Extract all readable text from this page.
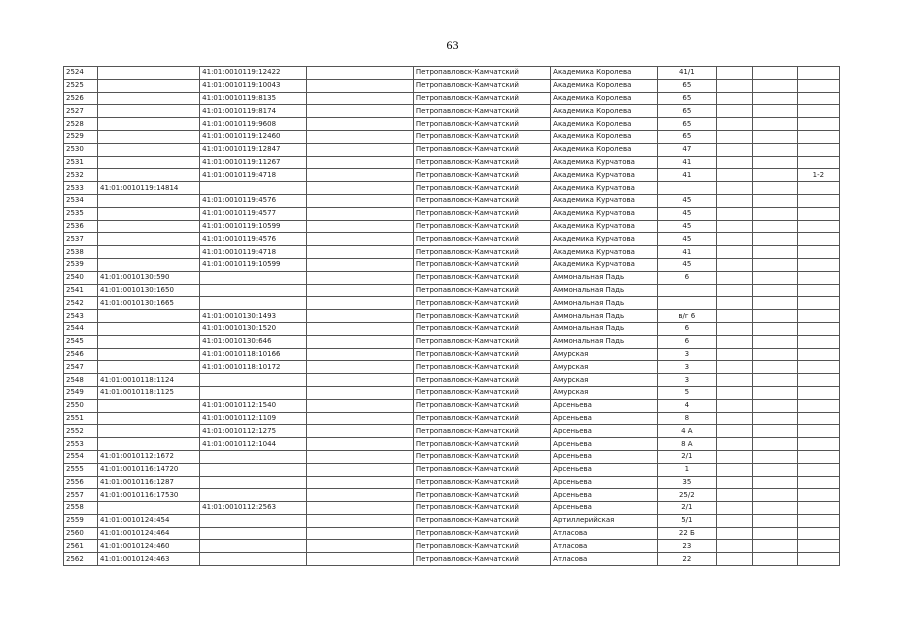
63
2524		41:01:0010119:12422		Петропавловск-Камчатский	Академика Королева	41/1			
2525		41:01:0010119:10043		Петропавловск-Камчатский	Академика Королева	65			
2526		41:01:0010119:8135		Петропавловск-Камчатский	Академика Королева	65			
2527		41:01:0010119:8174		Петропавловск-Камчатский	Академика Королева	65			
2528		41:01:0010119:9608		Петропавловск-Камчатский	Академика Королева	65			
2529		41:01:0010119:12460		Петропавловск-Камчатский	Академика Королева	65			
2530		41:01:0010119:12847		Петропавловск-Камчатский	Академика Королева	47			
2531		41:01:0010119:11267		Петропавловск-Камчатский	Академика Курчатова	41			
2532		41:01:0010119:4718		Петропавловск-Камчатский	Академика Курчатова	41			1-2
2533	41:01:0010119:14814			Петропавловск-Камчатский	Академика Курчатова				
2534		41:01:0010119:4576		Петропавловск-Камчатский	Академика Курчатова	45			
2535		41:01:0010119:4577		Петропавловск-Камчатский	Академика Курчатова	45			
2536		41:01:0010119:10599		Петропавловск-Камчатский	Академика Курчатова	45			
2537		41:01:0010119:4576		Петропавловск-Камчатский	Академика Курчатова	45			
2538		41:01:0010119:4718		Петропавловск-Камчатский	Академика Курчатова	41			
2539		41:01:0010119:10599		Петропавловск-Камчатский	Академика Курчатова	45			
2540	41:01:0010130:590			Петропавловск-Камчатский	Аммональная Падь	6			
2541	41:01:0010130:1650			Петропавловск-Камчатский	Аммональная Падь				
2542	41:01:0010130:1665			Петропавловск-Камчатский	Аммональная Падь				
2543		41:01:0010130:1493		Петропавловск-Камчатский	Аммональная Падь	в/г 6			
2544		41:01:0010130:1520		Петропавловск-Камчатский	Аммональная Падь	6			
2545		41:01:0010130:646		Петропавловск-Камчатский	Аммональная Падь	6			
2546		41:01:0010118:10166		Петропавловск-Камчатский	Амурская	3			
2547		41:01:0010118:10172		Петропавловск-Камчатский	Амурская	3			
2548	41:01:0010118:1124			Петропавловск-Камчатский	Амурская	3			
2549	41:01:0010118:1125			Петропавловск-Камчатский	Амурская	5			
2550		41:01:0010112:1540		Петропавловск-Камчатский	Арсеньева	4			
2551		41:01:0010112:1109		Петропавловск-Камчатский	Арсеньева	8			
2552		41:01:0010112:1275		Петропавловск-Камчатский	Арсеньева	4 А			
2553		41:01:0010112:1044		Петропавловск-Камчатский	Арсеньева	8 А			
2554	41:01:0010112:1672			Петропавловск-Камчатский	Арсеньева	2/1			
2555	41:01:0010116:14720			Петропавловск-Камчатский	Арсеньева	1			
2556	41:01:0010116:1287			Петропавловск-Камчатский	Арсеньева	35			
2557	41:01:0010116:17530			Петропавловск-Камчатский	Арсеньева	25/2			
2558		41:01:0010112:2563		Петропавловск-Камчатский	Арсеньева	2/1			
2559	41:01:0010124:454			Петропавловск-Камчатский	Артиллерийская	5/1			
2560	41:01:0010124:464			Петропавловск-Камчатский	Атласова	22 Б			
2561	41:01:0010124:460			Петропавловск-Камчатский	Атласова	23			
2562	41:01:0010124:463			Петропавловск-Камчатский	Атласова	22			
